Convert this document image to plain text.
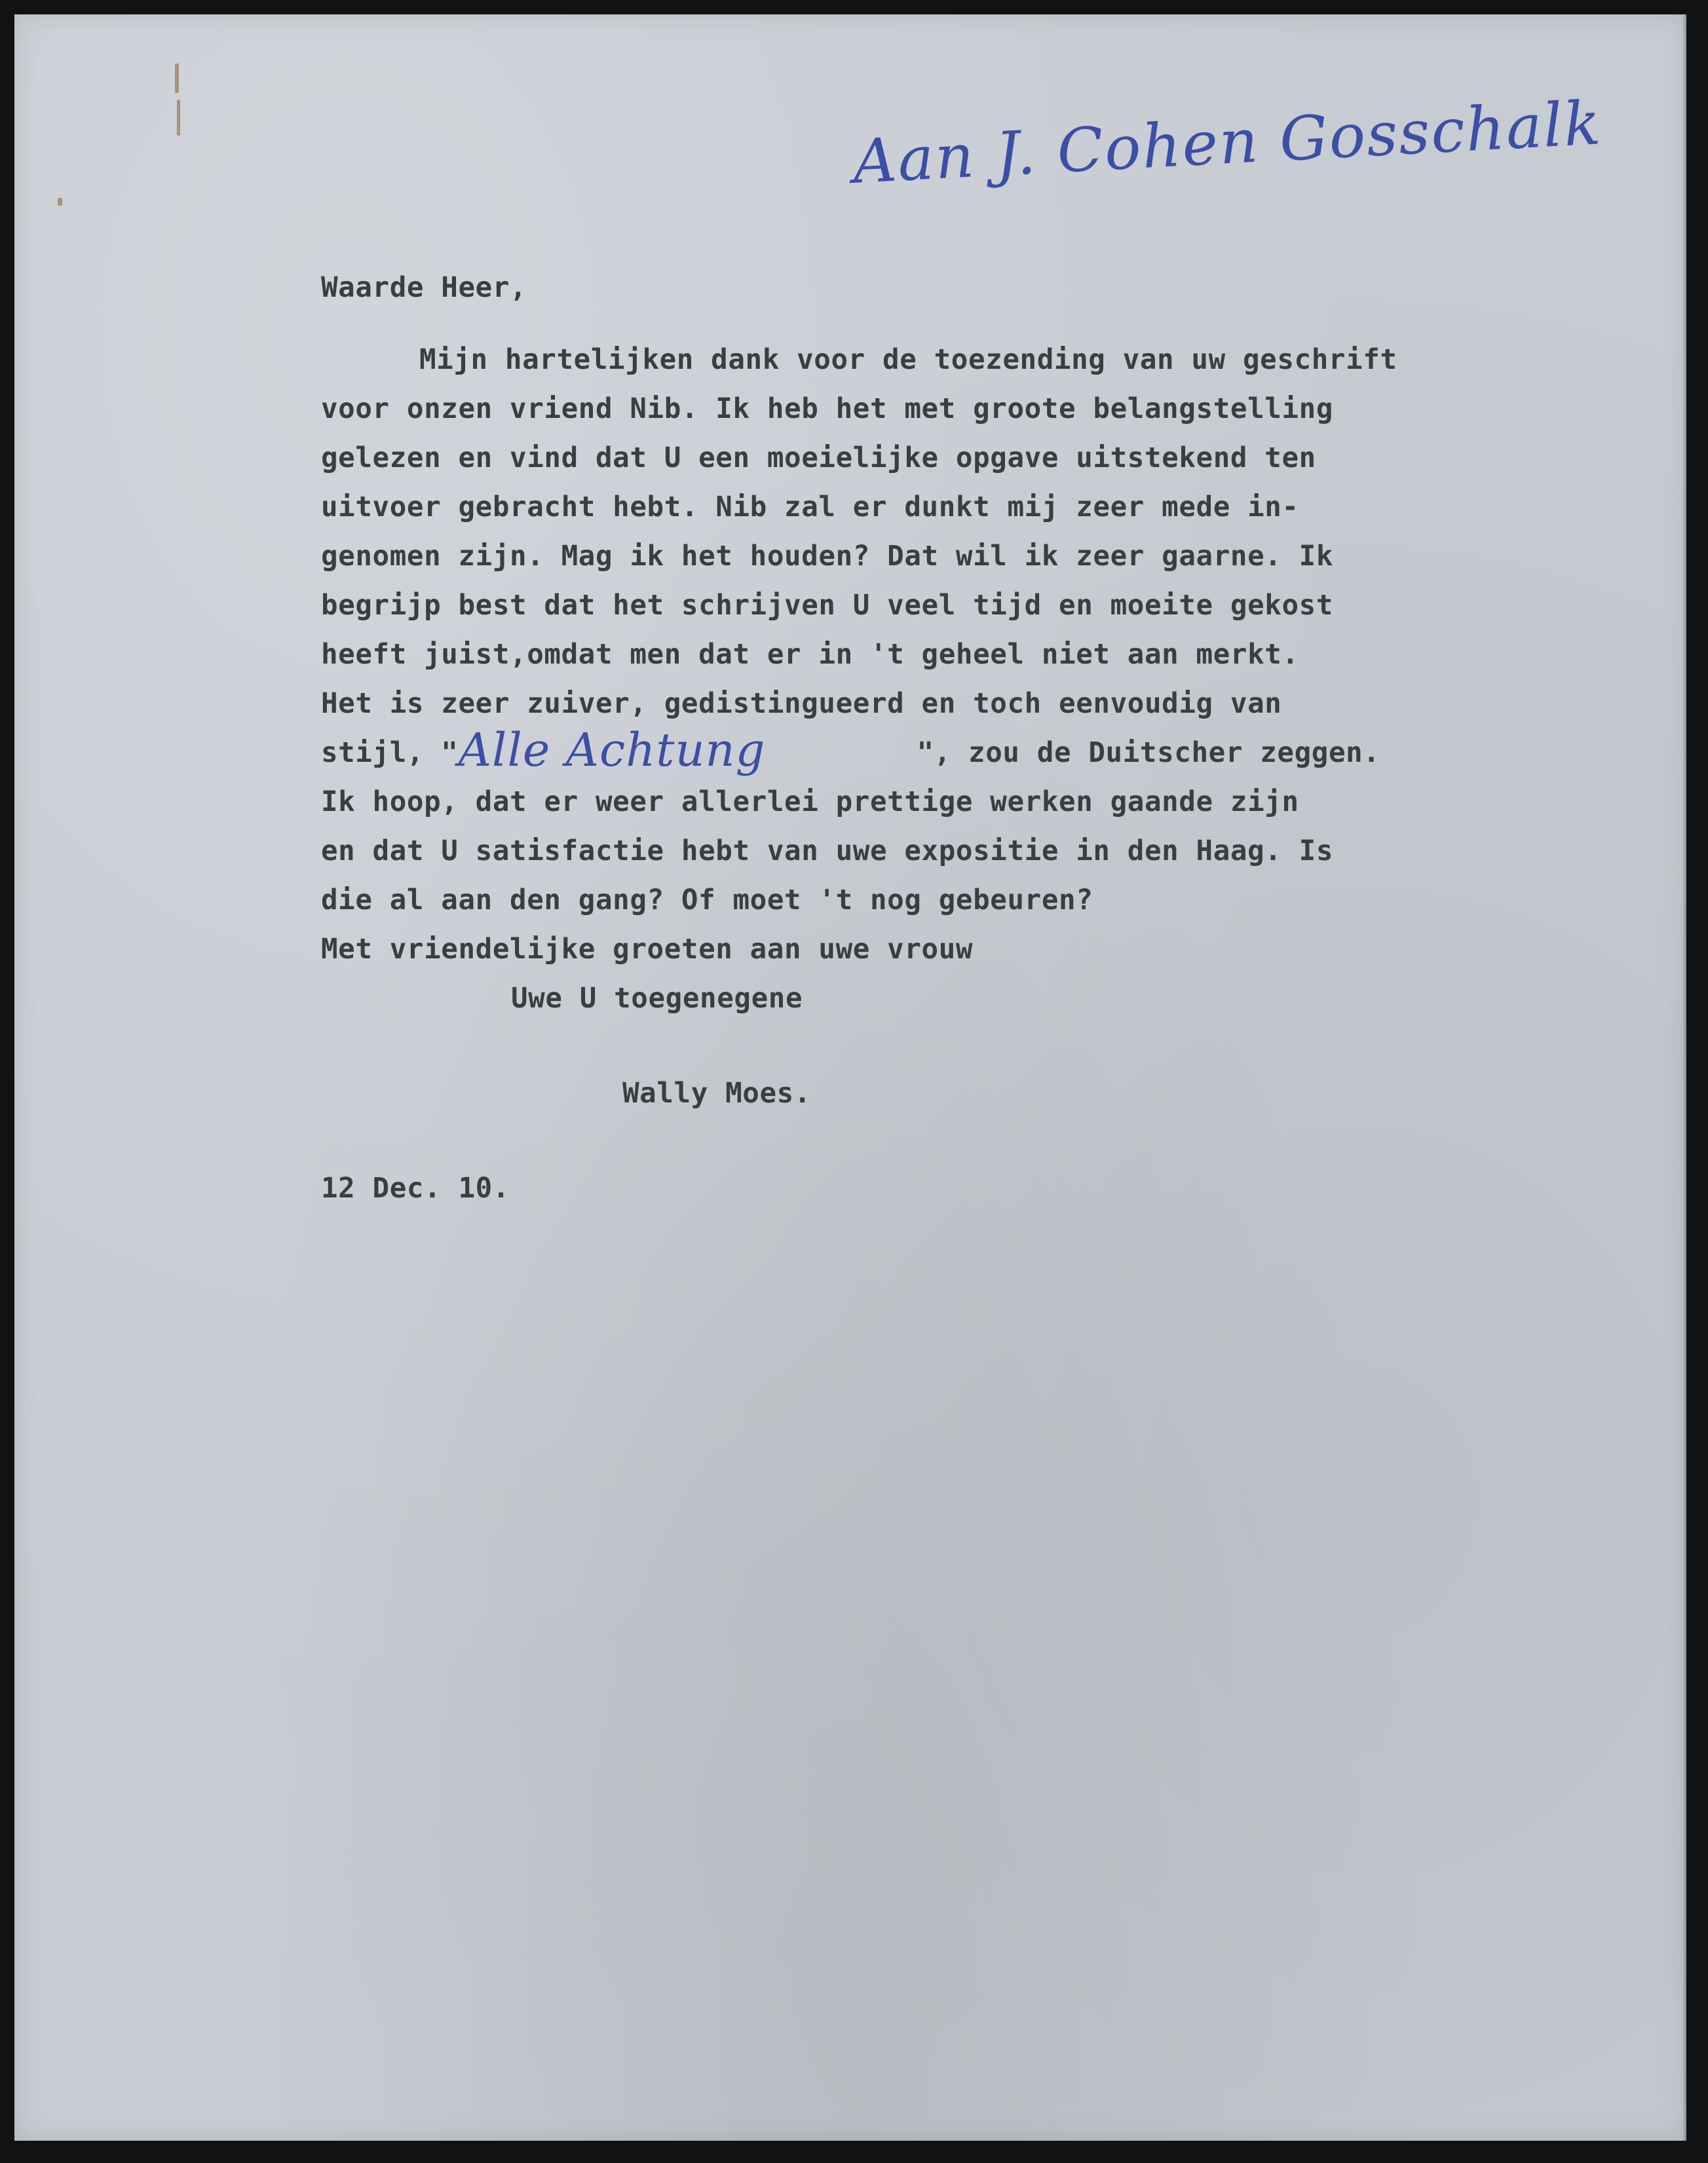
Aan J. Cohen Gosschalk
Waarde Heer,
Mijn hartelijken dank voor de toezending van uw geschrift
voor onzen vriend Nib. Ik heb het met groote belangstelling
gelezen en vind dat U een moeielijke opgave uitstekend ten
uitvoer gebracht hebt. Nib zal er dunkt mij zeer mede in-
genomen zijn. Mag ik het houden? Dat wil ik zeer gaarne. Ik
begrijp best dat het schrijven U veel tijd en moeite gekost
heeft juist,omdat men dat er in 't geheel niet aan merkt.
Het is zeer zuiver, gedistingueerd en toch eenvoudig van
stijl, "Alle Achtung	", zou de Duitscher zeggen.
Ik hoop, dat er weer allerlei prettige werken gaande zijn
en dat U satisfactie hebt van uwe expositie in den Haag. Is
die al aan den gang? Of moet 't nog gebeuren?
Met vriendelijke groeten aan uwe vrouw
Uwe U toegenegene
Wally Moes.
12 Dec. 10.
